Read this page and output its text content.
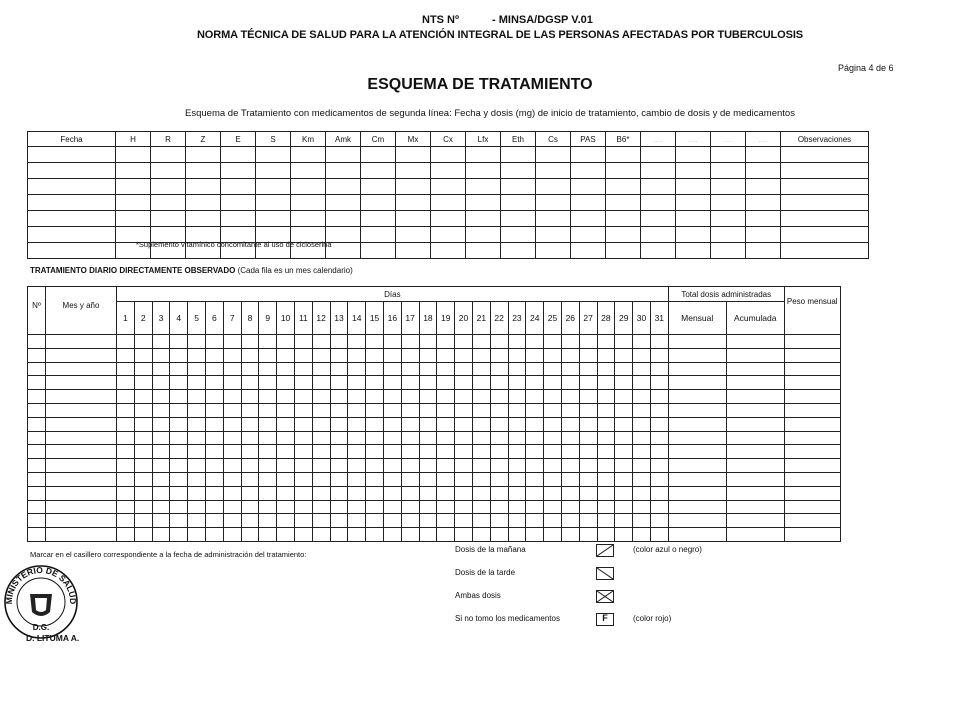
NTS Nº	- MINSA/DGSP V.01
NORMA TÉCNICA DE SALUD PARA LA ATENCIÓN INTEGRAL DE LAS PERSONAS AFECTADAS POR TUBERCULOSIS
Página 4 de 6
ESQUEMA DE TRATAMIENTO
Esquema de Tratamiento con medicamentos de segunda línea: Fecha y dosis (mg) de inicio de tratamiento, cambio de dosis y de medicamentos
Fecha	H	R	Z	E	S	Km	Amk	Cm	Mx	Cx	Lfx	Eth	Cs	PAS	B6*	....	....	....	....	Observaciones

*Suplemento vitamínico concomitante al uso de cicloserina
TRATAMIENTO DIARIO DIRECTAMENTE OBSERVADO (Cada fila es un mes calendario)
Nº	Mes y año	Días																															Total dosis administradas		Peso mensual
		1	2	3	4	5	6	7	8	9	10	11	12	13	14	15	16	17	18	19	20	21	22	23	24	25	26	27	28	29	30	31	Mensual	Acumulada	

Marcar en el casillero correspondiente a la fecha de administración del tratamiento:
Dosis de la mañana	(color azul o negro)
Dosis de la tarde
Ambas dosis
Si no tomo los medicamentos	F	(color rojo)
MINISTERIO DE SALUD
D.G.
D. LITUMA A.
